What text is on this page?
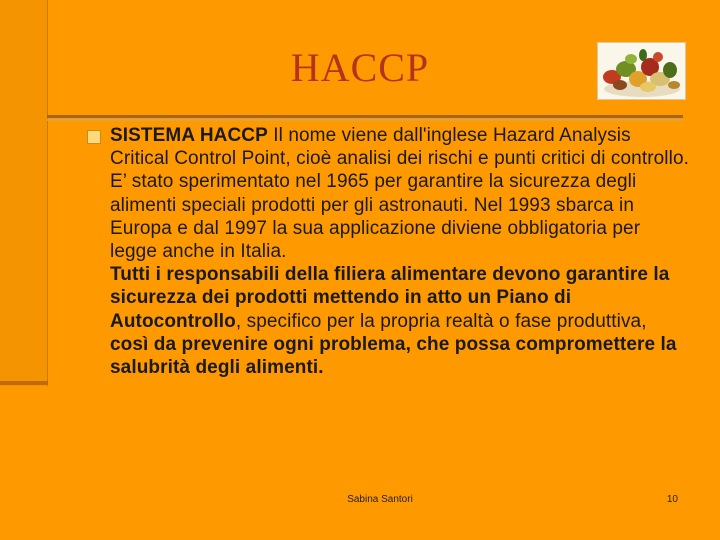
HACCP
SISTEMA HACCP Il nome viene dall'inglese Hazard Analysis Critical Control Point, cioè analisi dei rischi e punti critici di controllo. E’ stato sperimentato nel 1965 per garantire la sicurezza degli alimenti speciali prodotti per gli astronauti. Nel 1993 sbarca in Europa e dal 1997 la sua applicazione diviene obbligatoria per legge anche in Italia.
Tutti i responsabili della filiera alimentare devono garantire la sicurezza dei prodotti mettendo in atto un Piano di Autocontrollo, specifico per la propria realtà o fase produttiva, così da prevenire ogni problema, che possa compromettere la salubrità degli alimenti.
Sabina Santori	10
